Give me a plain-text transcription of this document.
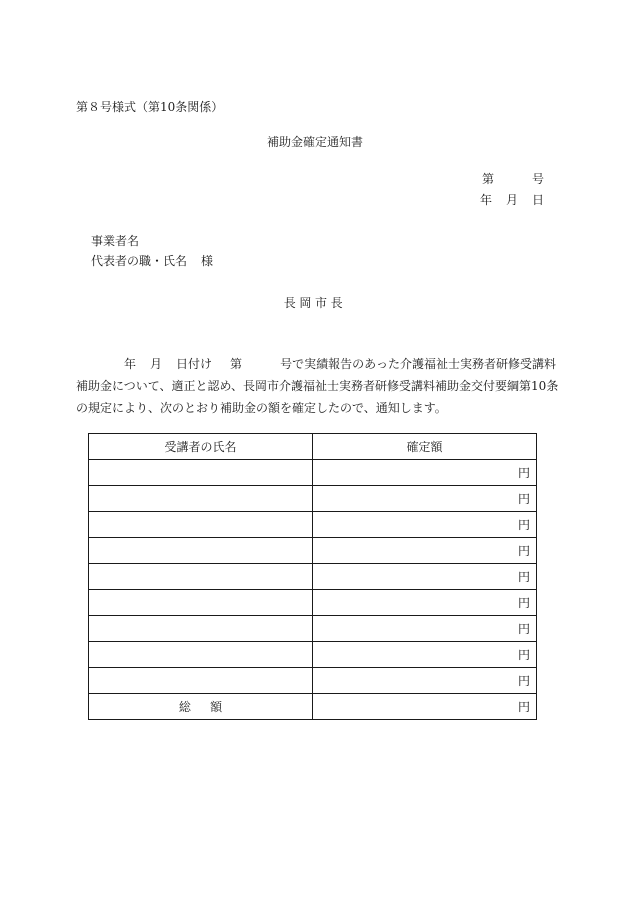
第８号様式（第10条関係）
補助金確定通知書
第	号
年 月 日
事業者名
代表者の職・氏名 様
長岡市長
年 月 日付け 第	号で実績報告のあった介護福祉士実務者研修受講料
補助金について、適正と認め、長岡市介護福祉士実務者研修受講料補助金交付要綱第10条
の規定により、次のとおり補助金の額を確定したので、通知します。
受講者の氏名	確定額
	円
	円
	円
	円
	円
	円
	円
	円
	円
総額	円
